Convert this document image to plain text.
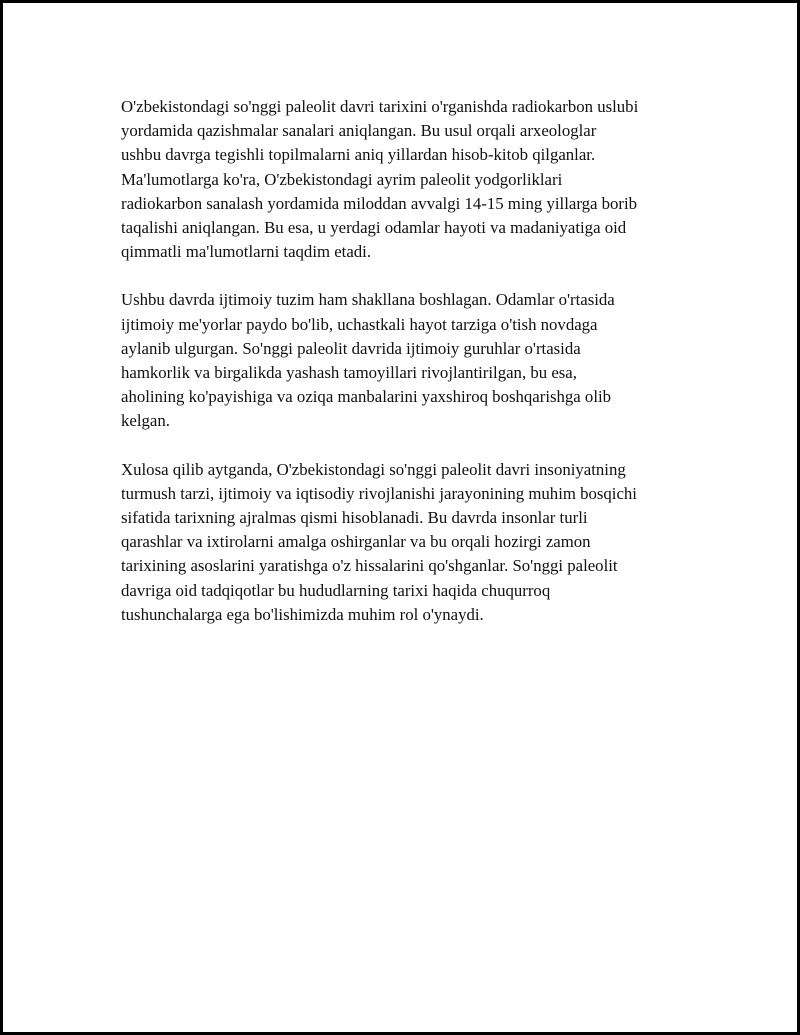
O'zbekistondagi so'nggi paleolit davri tarixini o'rganishda radiokarbon uslubi
yordamida qazishmalar sanalari aniqlangan. Bu usul orqali arxeologlar
ushbu davrga tegishli topilmalarni aniq yillardan hisob-kitob qilganlar.
Ma'lumotlarga ko'ra, O'zbekistondagi ayrim paleolit yodgorliklari
radiokarbon sanalash yordamida miloddan avvalgi 14-15 ming yillarga borib
taqalishi aniqlangan. Bu esa, u yerdagi odamlar hayoti va madaniyatiga oid
qimmatli ma'lumotlarni taqdim etadi.

Ushbu davrda ijtimoiy tuzim ham shakllana boshlagan. Odamlar o'rtasida
ijtimoiy me'yorlar paydo bo'lib, uchastkali hayot tarziga o'tish novdaga
aylanib ulgurgan. So'nggi paleolit davrida ijtimoiy guruhlar o'rtasida
hamkorlik va birgalikda yashash tamoyillari rivojlantirilgan, bu esa,
aholining ko'payishiga va oziqa manbalarini yaxshiroq boshqarishga olib
kelgan.

Xulosa qilib aytganda, O'zbekistondagi so'nggi paleolit davri insoniyatning
turmush tarzi, ijtimoiy va iqtisodiy rivojlanishi jarayonining muhim bosqichi
sifatida tarixning ajralmas qismi hisoblanadi. Bu davrda insonlar turli
qarashlar va ixtirolarni amalga oshirganlar va bu orqali hozirgi zamon
tarixining asoslarini yaratishga o'z hissalarini qo'shganlar. So'nggi paleolit
davriga oid tadqiqotlar bu hududlarning tarixi haqida chuqurroq
tushunchalarga ega bo'lishimizda muhim rol o'ynaydi.
